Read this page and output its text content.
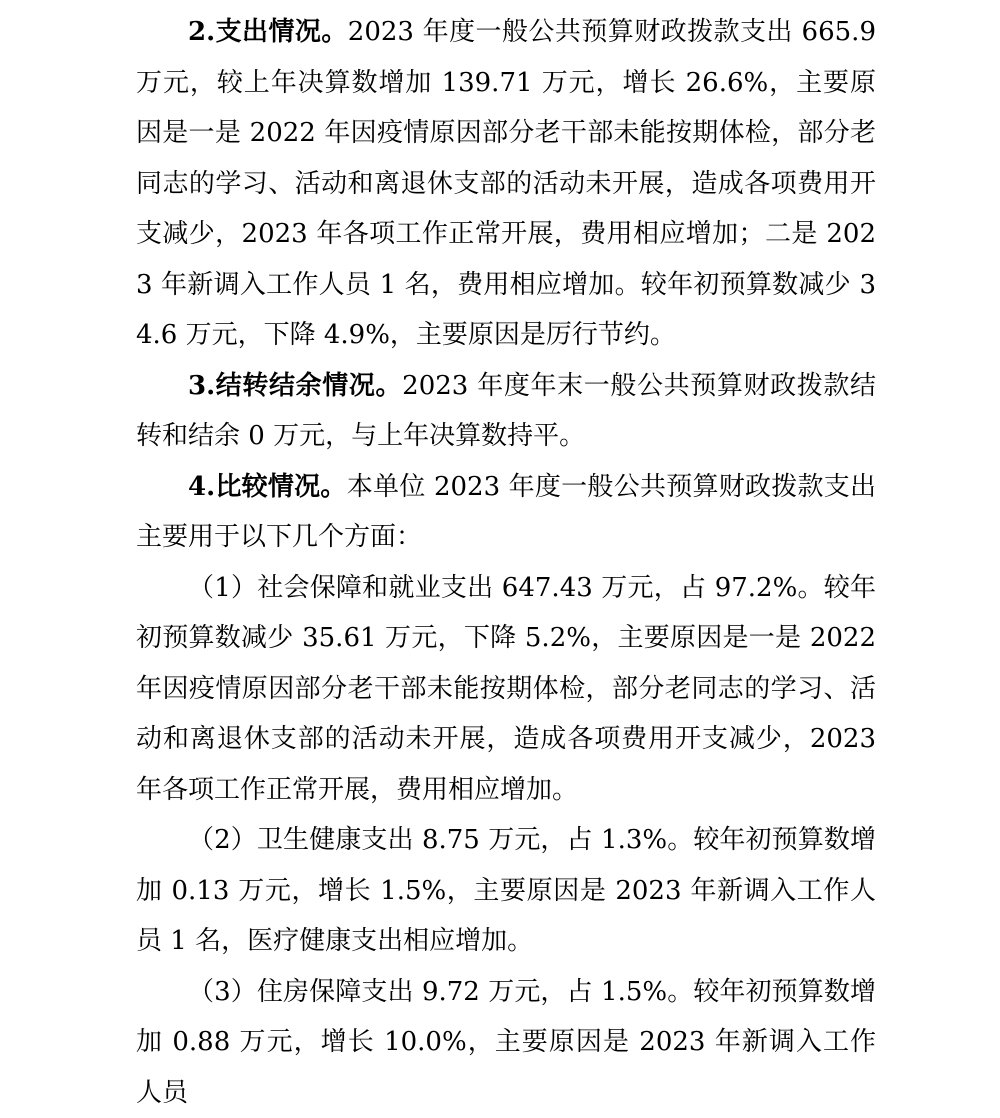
2.支出情况。2023 年度一般公共预算财政拨款支出 665.9 万元，较上年决算数增加 139.71 万元，增长 26.6%，主要原因是一是 2022 年因疫情原因部分老干部未能按期体检，部分老同志的学习、活动和离退休支部的活动未开展，造成各项费用开支减少，2023 年各项工作正常开展，费用相应增加；二是 2023 年新调入工作人员 1 名，费用相应增加。较年初预算数减少 34.6 万元，下降 4.9%，主要原因是厉行节约。

3.结转结余情况。2023 年度年末一般公共预算财政拨款结转和结余 0 万元，与上年决算数持平。

4.比较情况。本单位 2023 年度一般公共预算财政拨款支出主要用于以下几个方面：

（1）社会保障和就业支出 647.43 万元，占 97.2%。较年初预算数减少 35.61 万元，下降 5.2%，主要原因是一是 2022 年因疫情原因部分老干部未能按期体检，部分老同志的学习、活动和离退休支部的活动未开展，造成各项费用开支减少，2023 年各项工作正常开展，费用相应增加。

（2）卫生健康支出 8.75 万元，占 1.3%。较年初预算数增加 0.13 万元，增长 1.5%，主要原因是 2023 年新调入工作人员 1 名，医疗健康支出相应增加。

（3）住房保障支出 9.72 万元，占 1.5%。较年初预算数增加 0.88 万元，增长 10.0%，主要原因是 2023 年新调入工作人员
